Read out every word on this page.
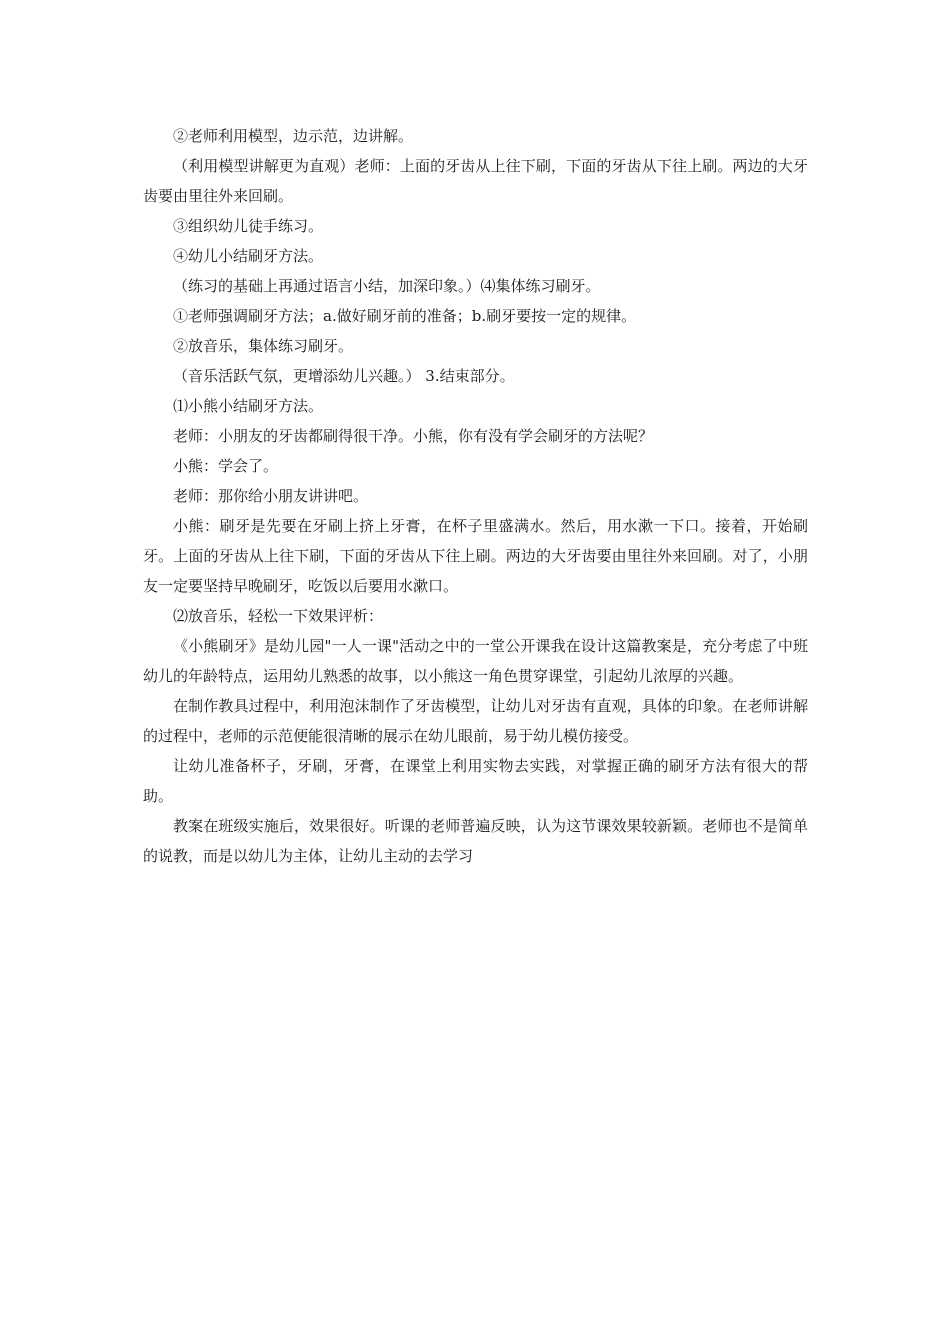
②老师利用模型，边示范，边讲解。

（利用模型讲解更为直观）老师：上面的牙齿从上往下刷，下面的牙齿从下往上刷。两边的大牙齿要由里往外来回刷。

③组织幼儿徒手练习。

④幼儿小结刷牙方法。

（练习的基础上再通过语言小结，加深印象。）⑷集体练习刷牙。

①老师强调刷牙方法；a.做好刷牙前的准备；b.刷牙要按一定的规律。

②放音乐，集体练习刷牙。

（音乐活跃气氛，更增添幼儿兴趣。） 3.结束部分。

⑴小熊小结刷牙方法。

老师：小朋友的牙齿都刷得很干净。小熊，你有没有学会刷牙的方法呢？

小熊：学会了。

老师：那你给小朋友讲讲吧。

小熊：刷牙是先要在牙刷上挤上牙膏，在杯子里盛满水。然后，用水漱一下口。接着，开始刷牙。上面的牙齿从上往下刷，下面的牙齿从下往上刷。两边的大牙齿要由里往外来回刷。对了，小朋友一定要坚持早晚刷牙，吃饭以后要用水漱口。

⑵放音乐，轻松一下效果评析：

《小熊刷牙》是幼儿园"一人一课"活动之中的一堂公开课我在设计这篇教案是，充分考虑了中班幼儿的年龄特点，运用幼儿熟悉的故事，以小熊这一角色贯穿课堂，引起幼儿浓厚的兴趣。

在制作教具过程中，利用泡沫制作了牙齿模型，让幼儿对牙齿有直观，具体的印象。在老师讲解的过程中，老师的示范便能很清晰的展示在幼儿眼前，易于幼儿模仿接受。

让幼儿准备杯子，牙刷，牙膏，在课堂上利用实物去实践，对掌握正确的刷牙方法有很大的帮助。

教案在班级实施后，效果很好。听课的老师普遍反映，认为这节课效果较新颖。老师也不是简单的说教，而是以幼儿为主体，让幼儿主动的去学习
